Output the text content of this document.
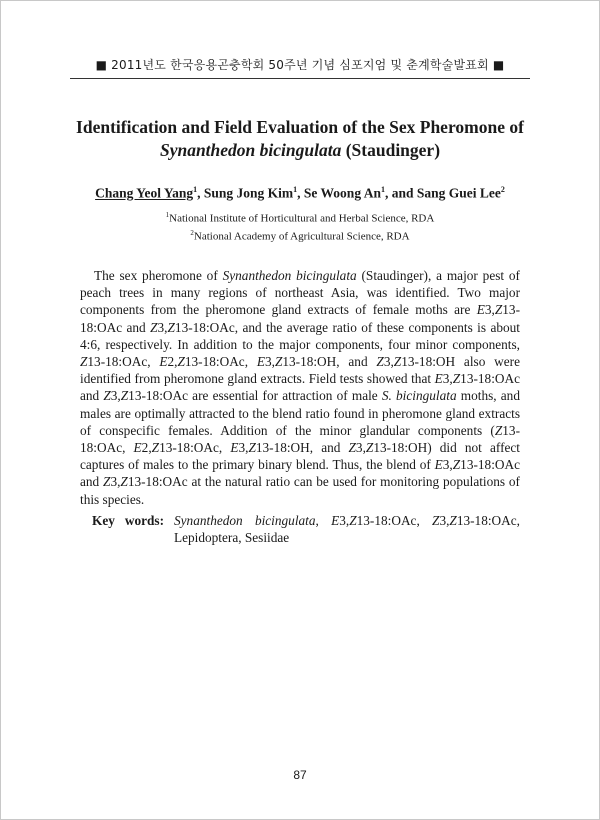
■ 2011년도 한국응용곤충학회 50주년 기념 심포지엄 및 춘계학술발표회 ■
Identification and Field Evaluation of the Sex Pheromone of
Synanthedon bicingulata (Staudinger)
Chang Yeol Yang$^1$, Sung Jong Kim$^1$, Se Woong An$^1$, and Sang Guei Lee$^2$
$^1$National Institute of Horticultural and Herbal Science, RDA
$^2$National Academy of Agricultural Science, RDA

The sex pheromone of Synanthedon bicingulata (Staudinger), a major pest of peach trees in many regions of northeast Asia, was identified. Two major components from the pheromone gland extracts of female moths are E3,Z13-18:OAc and Z3,Z13-18:OAc, and the average ratio of these components is about 4:6, respectively. In addition to the major components, four minor components, Z13-18:OAc, E2,Z13-18:OAc, E3,Z13-18:OH, and Z3,Z13-18:OH also were identified from pheromone gland extracts. Field tests showed that E3,Z13-18:OAc and Z3,Z13-18:OAc are essential for attraction of male S. bicingulata moths, and males are optimally attracted to the blend ratio found in pheromone gland extracts of conspecific females. Addition of the minor glandular components (Z13-18:OAc, E2,Z13-18:OAc, E3,Z13-18:OH, and Z3,Z13-18:OH) did not affect captures of males to the primary binary blend. Thus, the blend of E3,Z13-18:OAc and Z3,Z13-18:OAc at the natural ratio can be used for monitoring populations of this species.

Key   words: Synanthedon bicingulata, E3,Z13-18:OAc, Z3,Z13-18:OAc, Lepidoptera, Sesiidae
87
